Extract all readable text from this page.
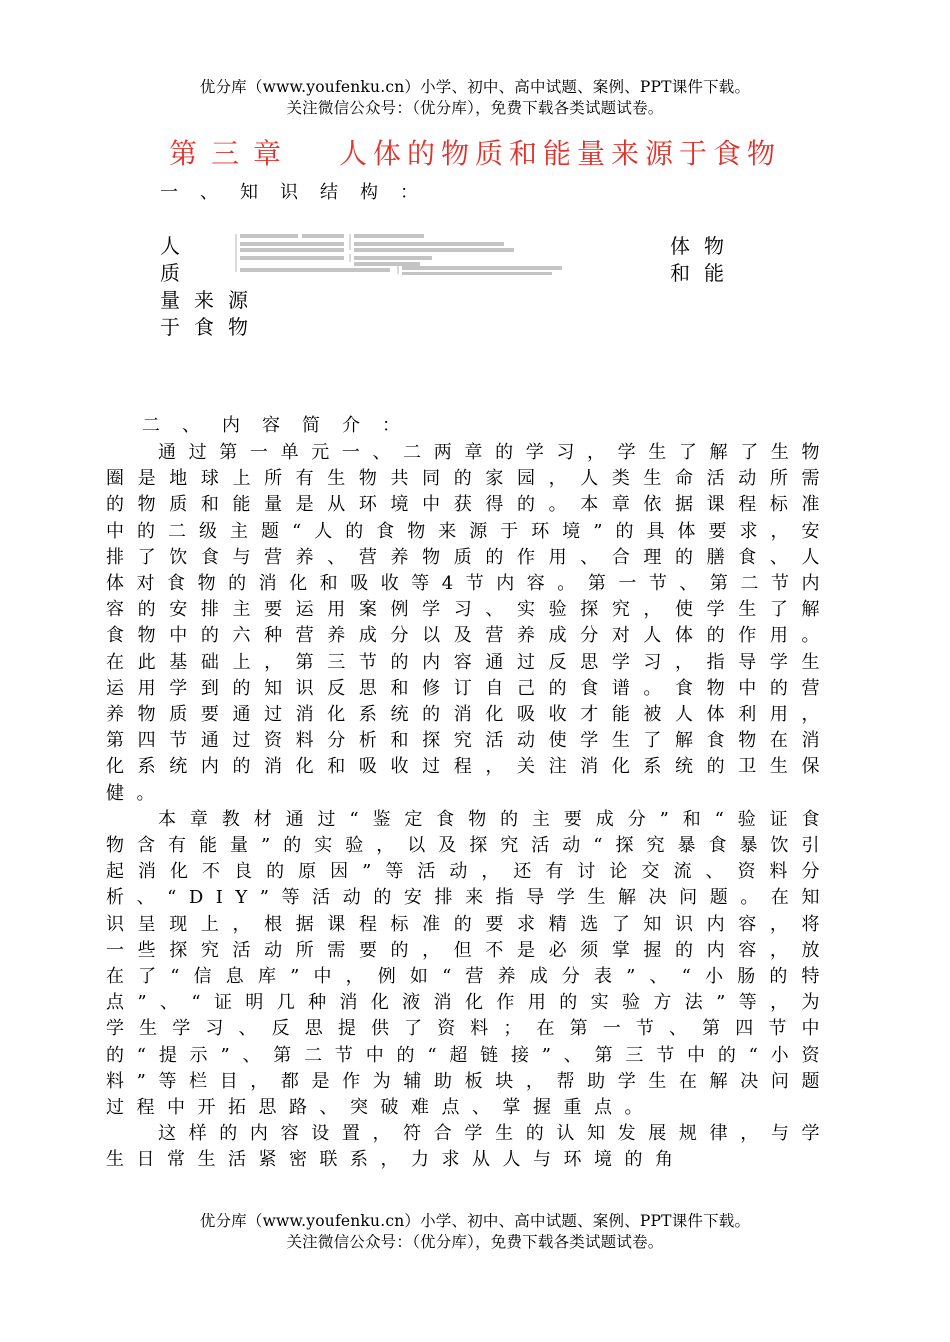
优分库（www.youfenku.cn）小学、初中、高中试题、案例、PPT课件下载。
关注微信公众号：（优分库），免费下载各类试题试卷。
第三章 人体的物质和能量来源于食物
一、知识结构：
人
质
量来源
于食物
体物
和能
二、内容简介：

通过第一单元一、二两章的学习，学生了解了生物圈是地球上所有生物共同的家园，人类生命活动所需的物质和能量是从环境中获得的。本章依据课程标准中的二级主题“人的食物来源于环境”的具体要求，安排了饮食与营养、营养物质的作用、合理的膳食、人体对食物的消化和吸收等4节内容。第一节、第二节内容的安排主要运用案例学习、实验探究，使学生了解食物中的六种营养成分以及营养成分对人体的作用。在此基础上，第三节的内容通过反思学习，指导学生运用学到的知识反思和修订自己的食谱。食物中的营养物质要通过消化系统的消化吸收才能被人体利用，第四节通过资料分析和探究活动使学生了解食物在消化系统内的消化和吸收过程，关注消化系统的卫生保健。

本章教材通过“鉴定食物的主要成分”和“验证食物含有能量”的实验，以及探究活动“探究暴食暴饮引起消化不良的原因”等活动，还有讨论交流、资料分析、“DIY”等活动的安排来指导学生解决问题。在知识呈现上，根据课程标准的要求精选了知识内容，将一些探究活动所需要的，但不是必须掌握的内容，放在了“信息库”中，例如“营养成分表”、“小肠的特点”、“证明几种消化液消化作用的实验方法”等，为学生学习、反思提供了资料；在第一节、第四节中的“提示”、第二节中的“超链接”、第三节中的“小资料”等栏目，都是作为辅助板块，帮助学生在解决问题过程中开拓思路、突破难点、掌握重点。

这样的内容设置，符合学生的认知发展规律，与学生日常生活紧密联系，力求从人与环境的角

优分库（www.youfenku.cn）小学、初中、高中试题、案例、PPT课件下载。
关注微信公众号：（优分库），免费下载各类试题试卷。
